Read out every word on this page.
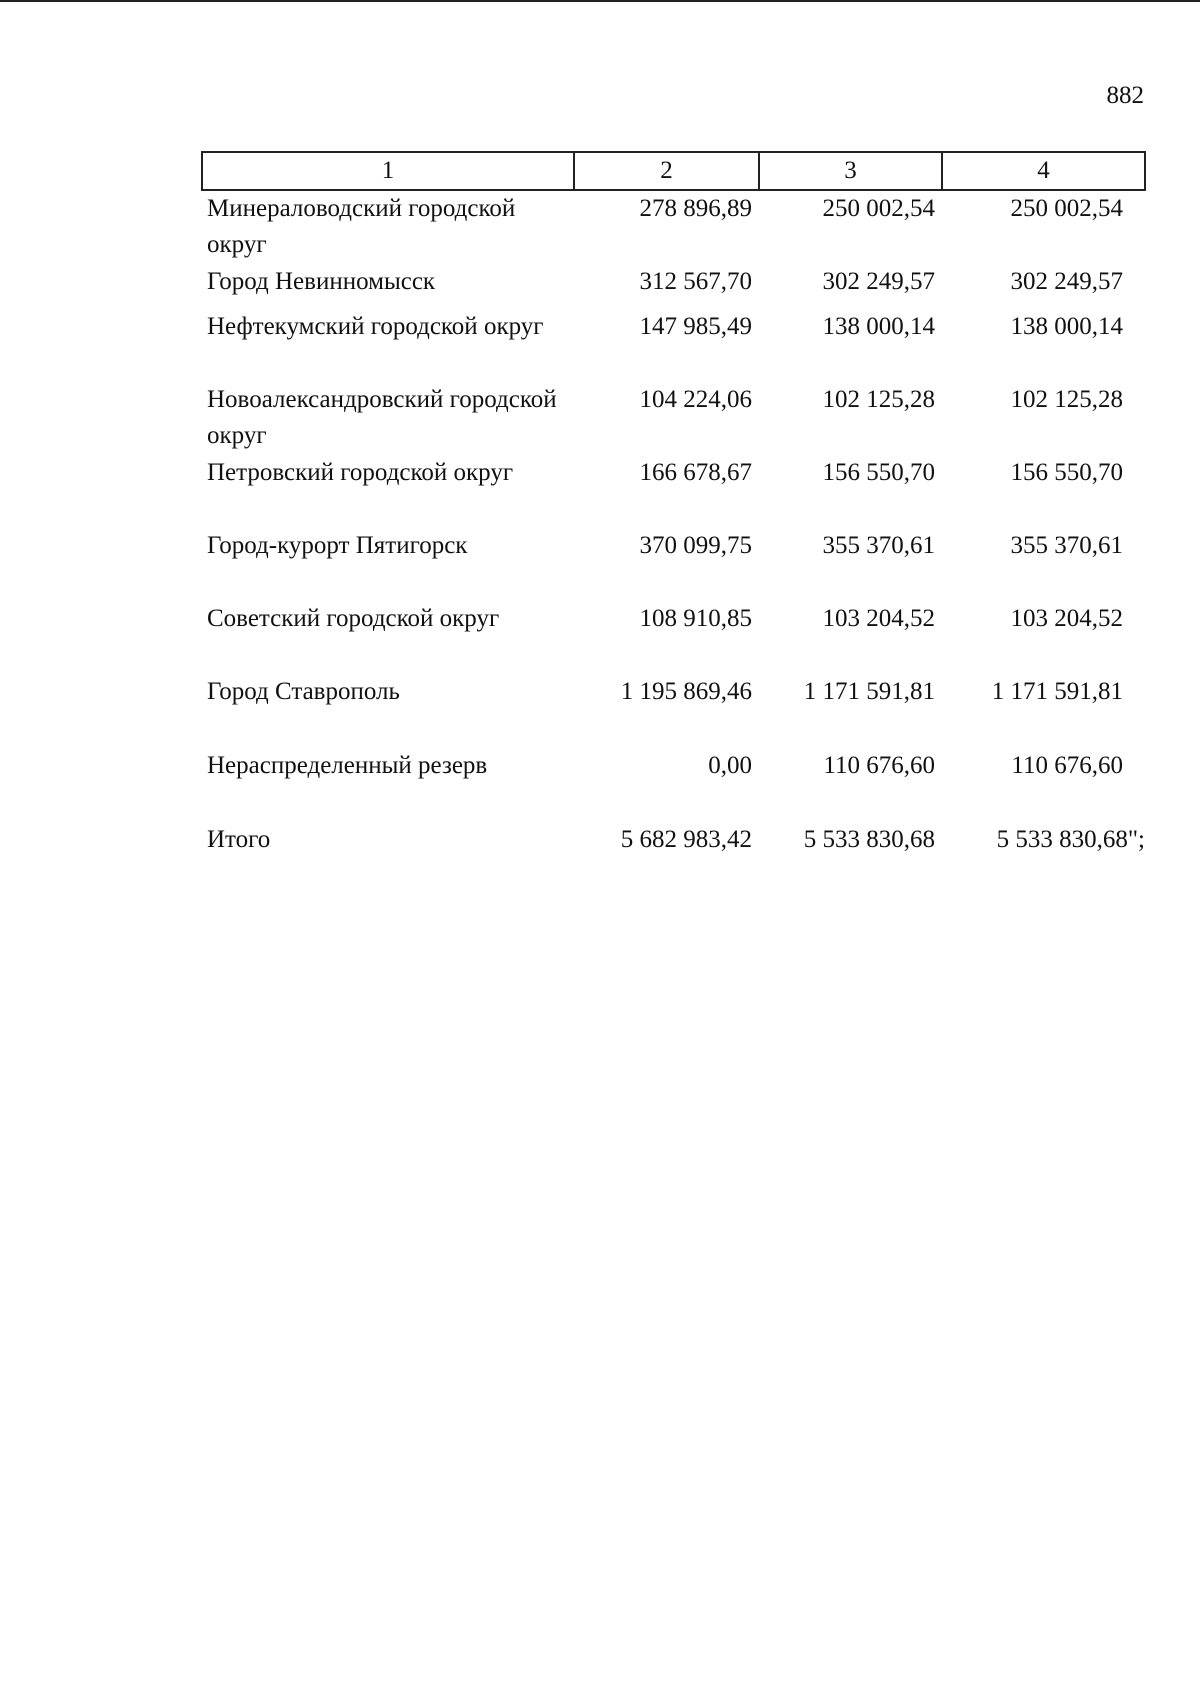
882
1	2	3	4
Минераловодский городской округ	278 896,89	250 002,54	250 002,54
Город Невинномысск	312 567,70	302 249,57	302 249,57
Нефтекумский городской округ	147 985,49	138 000,14	138 000,14
Новоалександровский городской округ	104 224,06	102 125,28	102 125,28
Петровский городской округ	166 678,67	156 550,70	156 550,70
Город-курорт Пятигорск	370 099,75	355 370,61	355 370,61
Советский городской округ	108 910,85	103 204,52	103 204,52
Город Ставрополь	1 195 869,46	1 171 591,81	1 171 591,81

Нераспределенный резерв	0,00	110 676,60	110 676,60

Итого	5 682 983,42	5 533 830,68	5 533 830,68";
